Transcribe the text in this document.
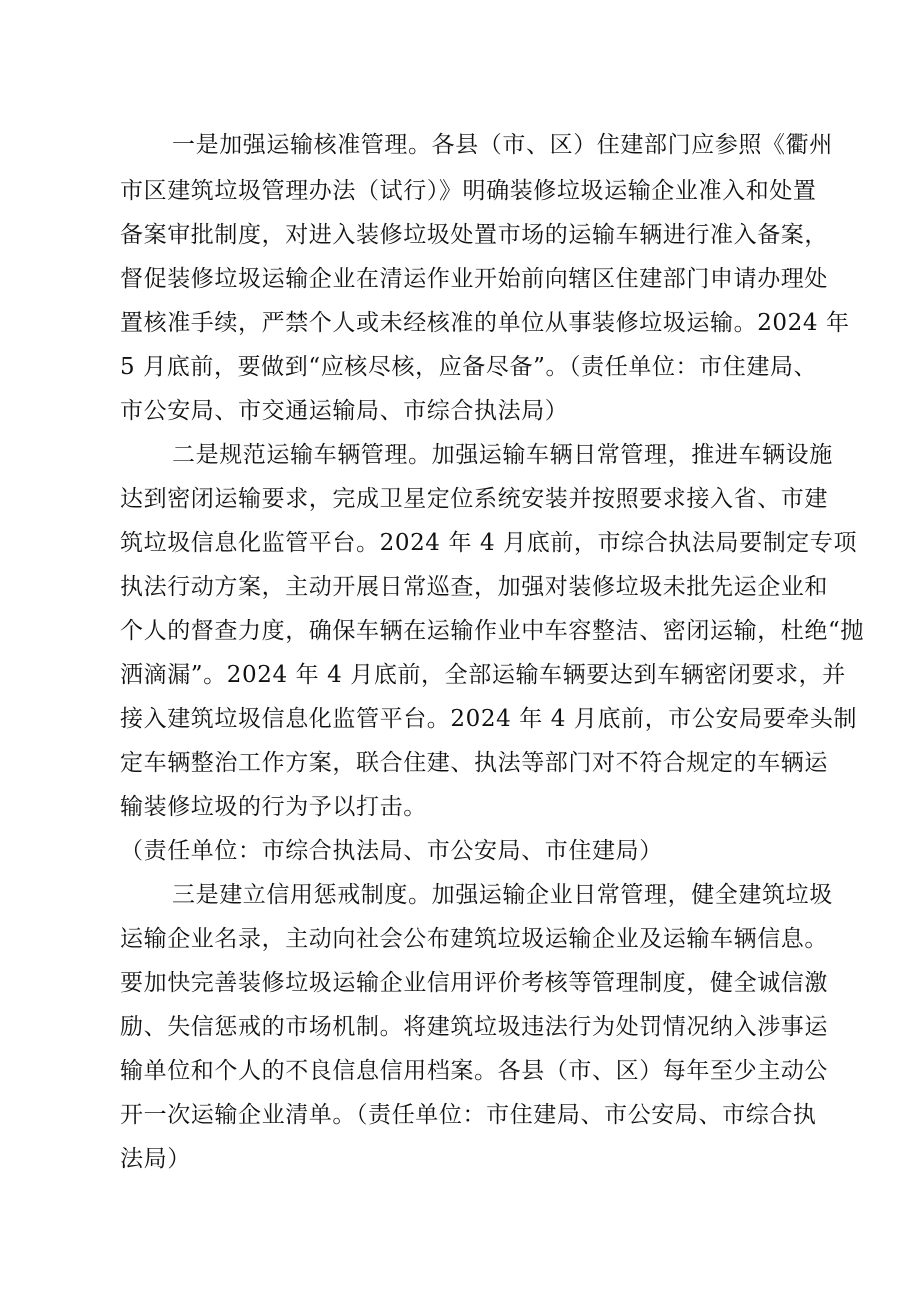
一是加强运输核准管理。各县（市、区）住建部门应参照《衢州
市区建筑垃圾管理办法（试行）》明确装修垃圾运输企业准入和处置
备案审批制度，对进入装修垃圾处置市场的运输车辆进行准入备案，
督促装修垃圾运输企业在清运作业开始前向辖区住建部门申请办理处
置核准手续，严禁个人或未经核准的单位从事装修垃圾运输。2024 年
5 月底前，要做到“应核尽核，应备尽备”。（责任单位：市住建局、
市公安局、市交通运输局、市综合执法局）
二是规范运输车辆管理。加强运输车辆日常管理，推进车辆设施
达到密闭运输要求，完成卫星定位系统安装并按照要求接入省、市建
筑垃圾信息化监管平台。2024 年 4 月底前，市综合执法局要制定专项
执法行动方案，主动开展日常巡查，加强对装修垃圾未批先运企业和
个人的督查力度，确保车辆在运输作业中车容整洁、密闭运输，杜绝“抛
洒滴漏”。2024 年 4 月底前，全部运输车辆要达到车辆密闭要求，并
接入建筑垃圾信息化监管平台。2024 年 4 月底前，市公安局要牵头制
定车辆整治工作方案，联合住建、执法等部门对不符合规定的车辆运
输装修垃圾的行为予以打击。
（责任单位：市综合执法局、市公安局、市住建局）
三是建立信用惩戒制度。加强运输企业日常管理，健全建筑垃圾
运输企业名录，主动向社会公布建筑垃圾运输企业及运输车辆信息。
要加快完善装修垃圾运输企业信用评价考核等管理制度，健全诚信激
励、失信惩戒的市场机制。将建筑垃圾违法行为处罚情况纳入涉事运
输单位和个人的不良信息信用档案。各县（市、区）每年至少主动公
开一次运输企业清单。（责任单位：市住建局、市公安局、市综合执
法局）
